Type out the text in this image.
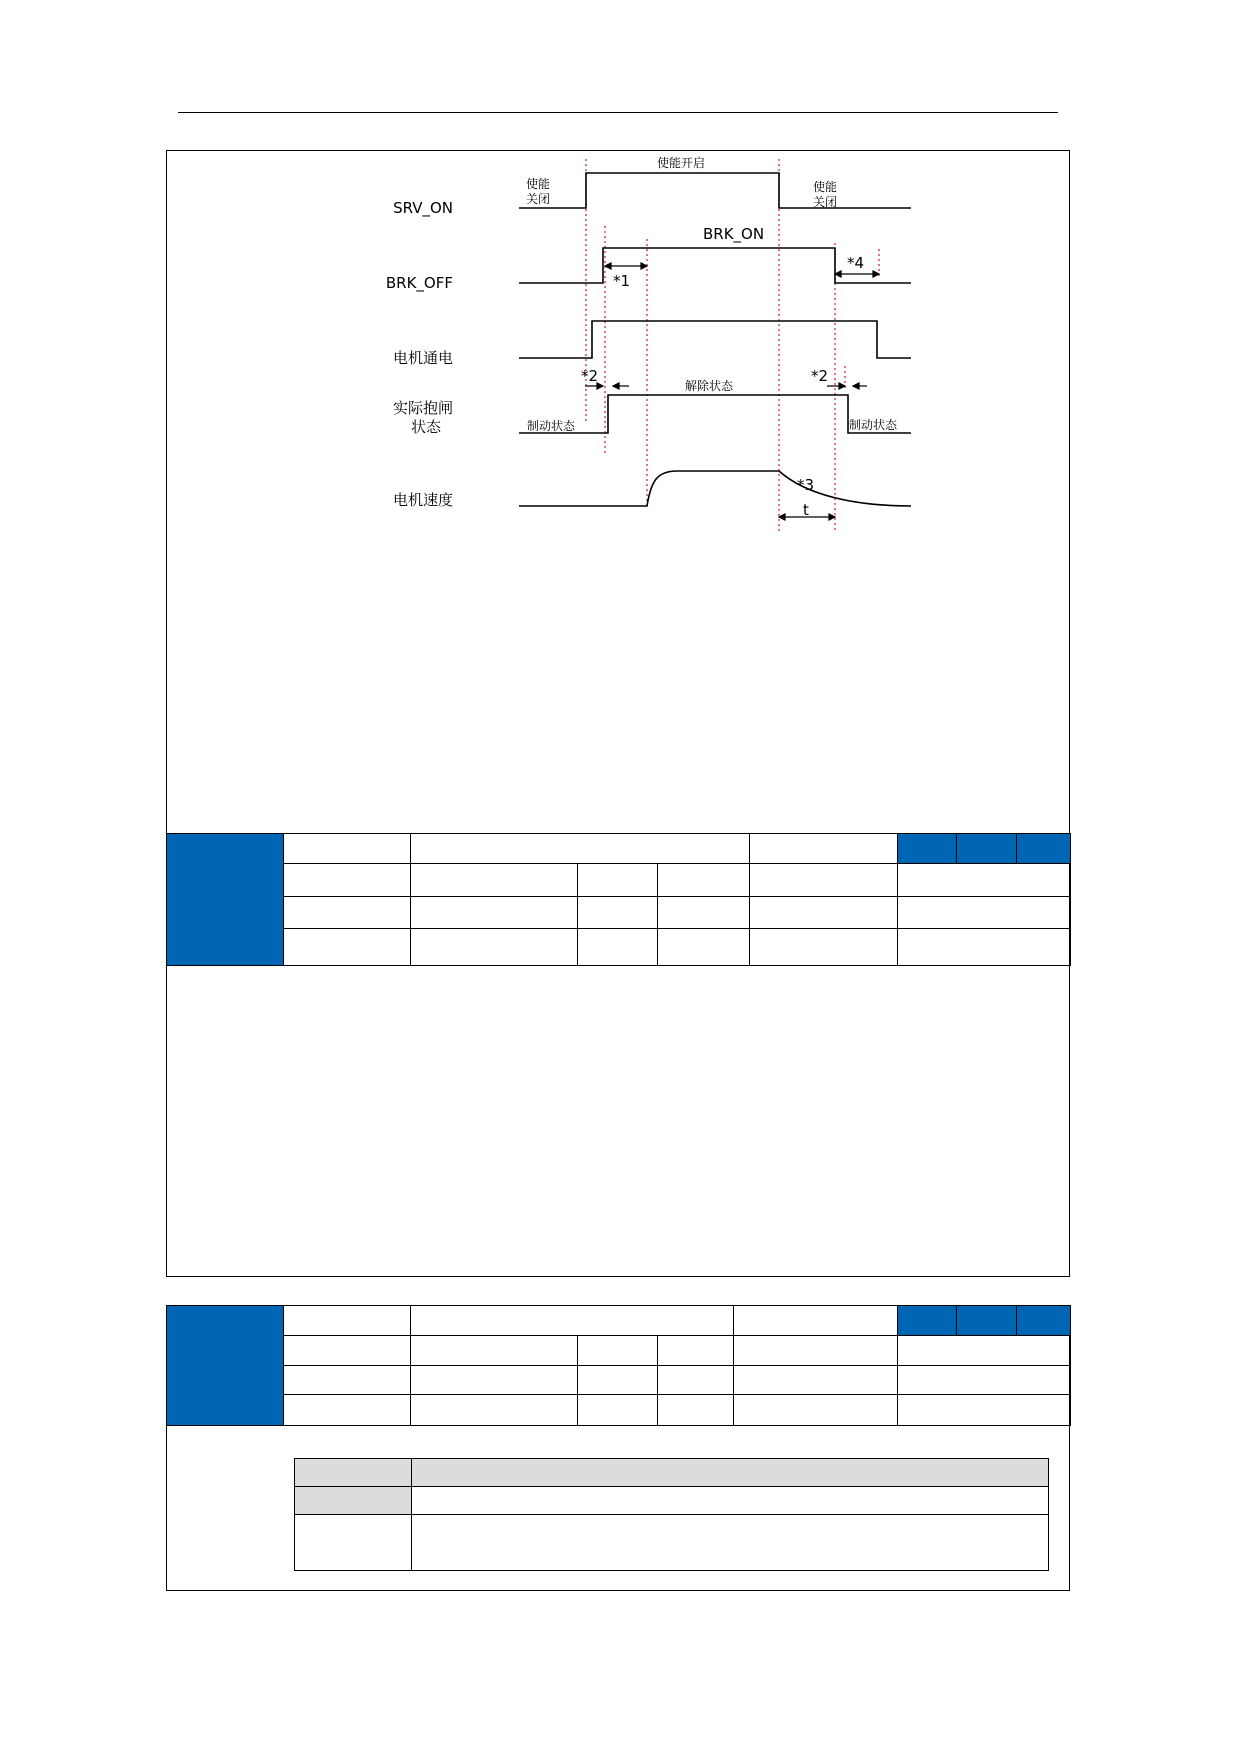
SRV_ON
BRK_OFF
电机通电
实际抱闸
状态
电机速度
使能
关闭
使能开启
使能
关闭
BRK_ON
*1
*4
*2	*2
解除状态
制动状态	制动状态
*3
t
